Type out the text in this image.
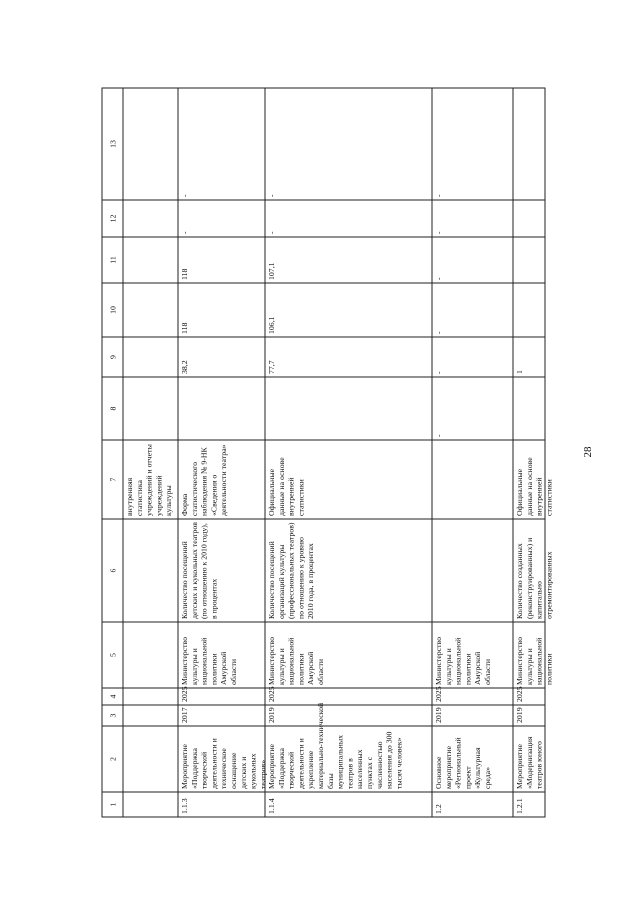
28
1
2
3
4
5
6
7
8
9
10
11
12
13
внутренняястатистикаучреждений и отчетыучрежденийкультуры
1.1.3
Мероприятие«Поддержкатворческойдеятельности итехническоеоснащениедетских икукольныхтеатров»
2017
2025
Министерствокультуры инациональнойполитикиАмурскойобласти
Количество посещенийдетских и кукольных театров(по отношению к 2010 году),в процентах
Формастатистическогонаблюдения № 9-НК«Сведения одеятельности театра»
38,2
118
118
-
-
1.1.4
Мероприятие«Поддержкатворческойдеятельности иукреплениематериально-техническойбазымуниципальныхтеатров внаселенныхпунктах счисленностьюнаселения до 300тысяч человек»
2019
2025
Министерствокультуры инациональнойполитикиАмурскойобласти
Количество посещенийорганизаций культуры(профессиональных театров)по отношению к уровню2010 года, в процентах
Официальныеданные на основевнутреннейстатистики
77,7
106,1
107,1
-
-
1.2
Основноемероприятие«Региональныйпроект«Культурнаясреда»
2019
2025
Министерствокультуры инациональнойполитикиАмурскойобласти
-
-
-
-
-
-
1.2.1
Мероприятие«Модернизациятеатров юного
2019
2025
Министерствокультуры инациональнойполитики
Количество созданных(реконструированных) икапитальноотремонтированных
Официальныеданные на основевнутреннейстатистики
1
